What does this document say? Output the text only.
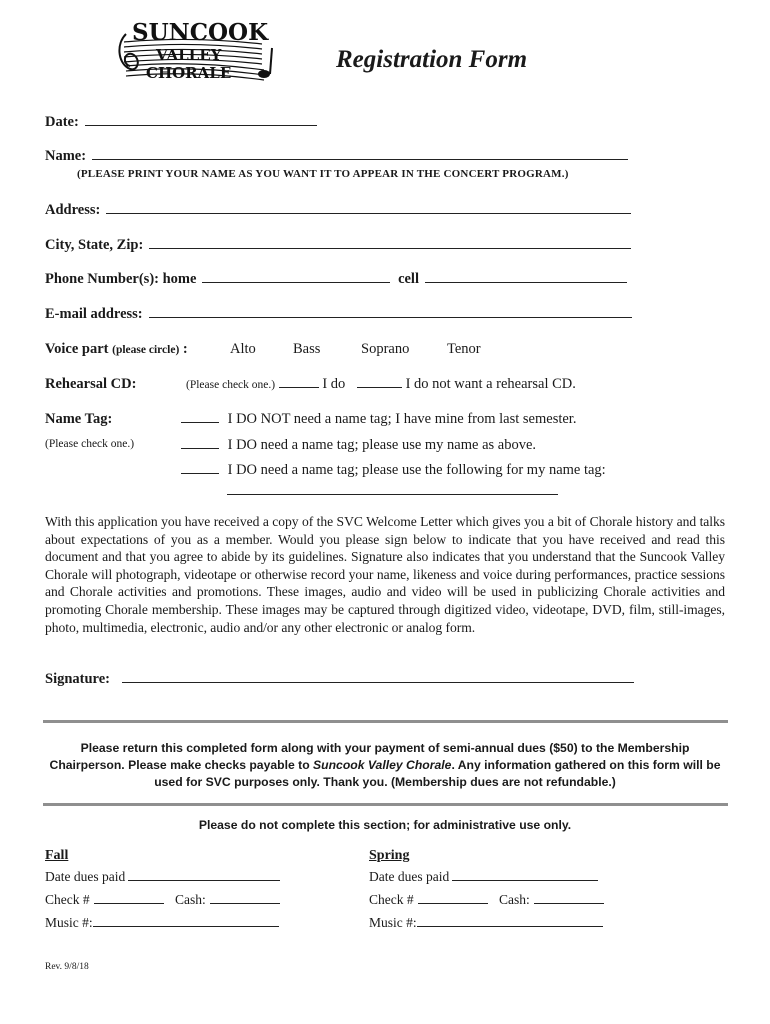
SUNCOOK
VALLEY
CHORALE	Registration Form
Date:
Name:
(PLEASE PRINT YOUR NAME AS YOU WANT IT TO APPEAR IN THE CONCERT PROGRAM.)
Address:
City, State, Zip:
Phone Number(s): home	cell
E-mail address:
Voice part (please circle) :	Alto	Bass	Soprano	Tenor
Rehearsal CD:	(Please check one.)	I do	I do not want a rehearsal CD.
Name Tag:
(Please check one.)
I DO NOT need a name tag; I have mine from last semester.
I DO need a name tag; please use my name as above.
I DO need a name tag; please use the following for my name tag:
With this application you have received a copy of the SVC Welcome Letter which gives you a bit of Chorale history and talks about expectations of you as a member. Would you please sign below to indicate that you have received and read this document and that you agree to abide by its guidelines. Signature also indicates that you understand that the Suncook Valley Chorale will photograph, videotape or otherwise record your name, likeness and voice during performances, practice sessions and Chorale activities and promotions. These images, audio and video will be used in publicizing Chorale activities and promoting Chorale membership. These images may be captured through digitized video, videotape, DVD, film, still-images, photo, multimedia, electronic, audio and/or any other electronic or analog form.
Signature:
Please return this completed form along with your payment of semi-annual dues ($50) to the Membership Chairperson. Please make checks payable to Suncook Valley Chorale. Any information gathered on this form will be used for SVC purposes only. Thank you. (Membership dues are not refundable.)
Please do not complete this section; for administrative use only.
Fall
Date dues paid
Check #	Cash:
Music #:
Spring
Date dues paid
Check #	Cash:
Music #:
Rev. 9/8/18
